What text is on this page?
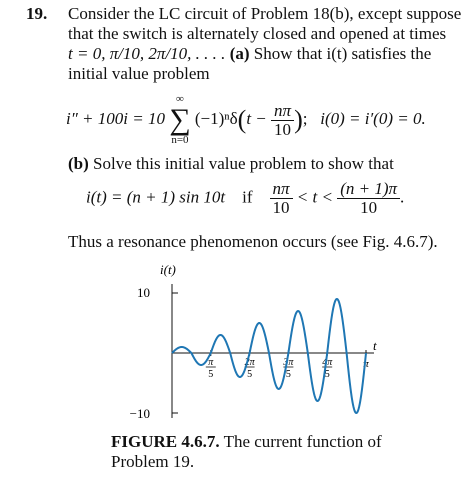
19. Consider the LC circuit of Problem 18(b), except suppose
that the switch is alternately closed and opened at times
t = 0, π/10, 2π/10, . . . . (a) Show that i(t) satisfies the
initial value problem
i″ + 100i = 10
∞
∑
n=0
$(-1)^n\delta(t - \frac{n\pi}{10}$ ); i(0) = i′(0) = 0.
(b) Solve this initial value problem to show that
i(t) = (n + 1) sin 10t if $\frac{n\pi}{10} < t < \frac{(n + 1)\pi}{10}$ .
Thus a resonance phenomenon occurs (see Fig. 4.6.7).
i(t)
10
−10
t
π
5
2π
5
3π
5
4π
5
π
FIGURE 4.6.7. The current function of
Problem 19.
